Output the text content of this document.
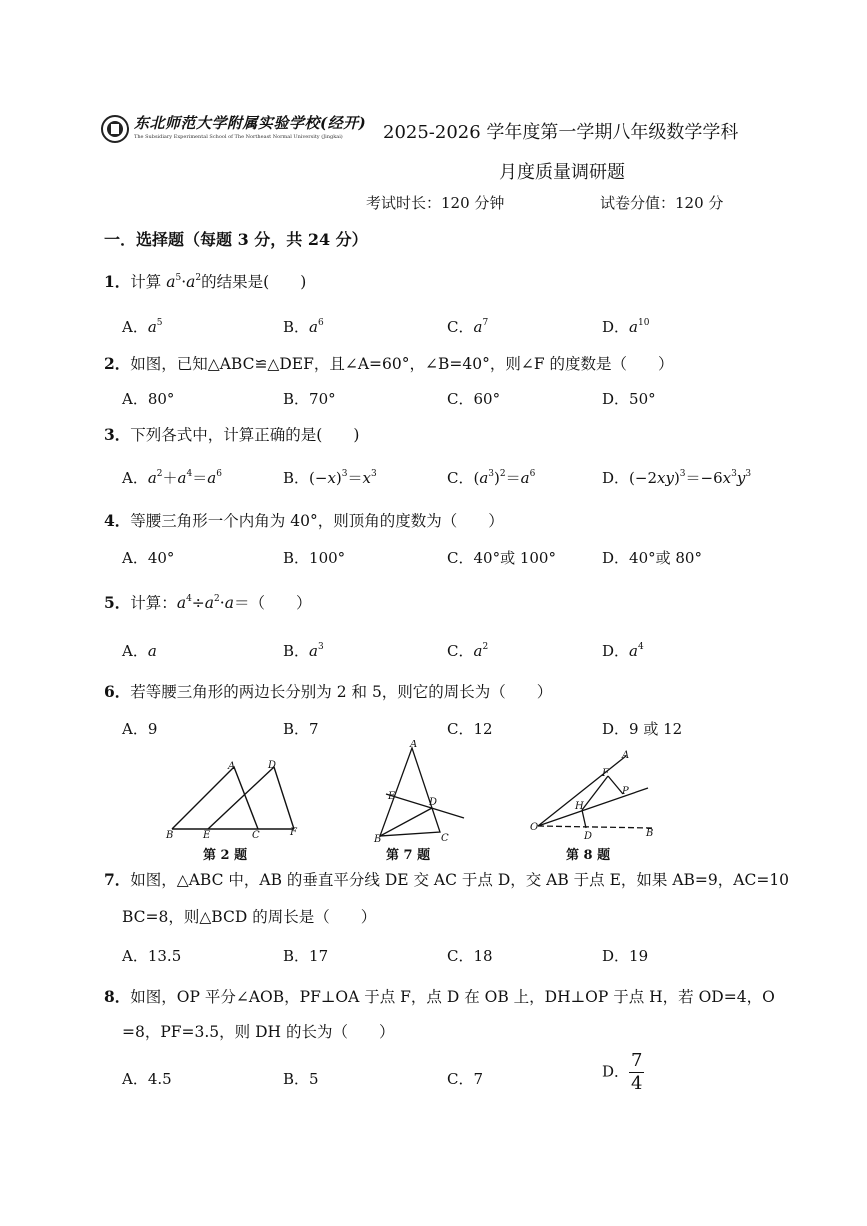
东北师范大学附属实验学校(经开)
The Subsidiary Experimental School of The Northeast Normal University (Jingkai) 2025-2026 学年度第一学期八年级数学学科
月度质量调研题
考试时长：120 分钟	试卷分值：120 分
一．选择题（每题 3 分，共 24 分）
1．计算 $a^5\cdot a^2$的结果是(　　)
A．$a^5$	B．$a^6$	C．$a^7$	D．$a^{10}$
2．如图，已知△ABC≌△DEF，且∠A=60°，∠B=40°，则∠F 的度数是（　　）
A．80°	B．70°	C．60°	D．50°
3．下列各式中，计算正确的是(　　)
A．$a^2+a^4=a^6$	B．$(-x)^3=x^3$	C．$(a^3)^2=a^6$	D．$(-2xy)^3=-6x^3y^3$
4．等腰三角形一个内角为 40°，则顶角的度数为（　　）
A．40°	B．100°	C．40°或 100°	D．40°或 80°
5．计算：$a^4\div a^2\cdot a=$（　　）
A．a	B．$a^3$	C．$a^2$	D．$a^4$
6．若等腰三角形的两边长分别为 2 和 5，则它的周长为（　　）
A．9	B．7	C．12	D．9 或 12
A	D
B	E	C	F
第 2 题
A
E
D
B	C
第 7 题
A
F
P
H
O
D	B
第 8 题
7．如图，△ABC 中，AB 的垂直平分线 DE 交 AC 于点 D，交 AB 于点 E，如果 AB=9，AC=10
BC=8，则△BCD 的周长是（　　）
A．13.5	B．17	C．18	D．19
8．如图，OP 平分∠AOB，PF⊥OA 于点 F，点 D 在 OB 上，DH⊥OP 于点 H，若 OD=4，O
=8，PF=3.5，则 DH 的长为（　　）
A．4.5	B．5	C．7	D． $\frac{7}{4}$
